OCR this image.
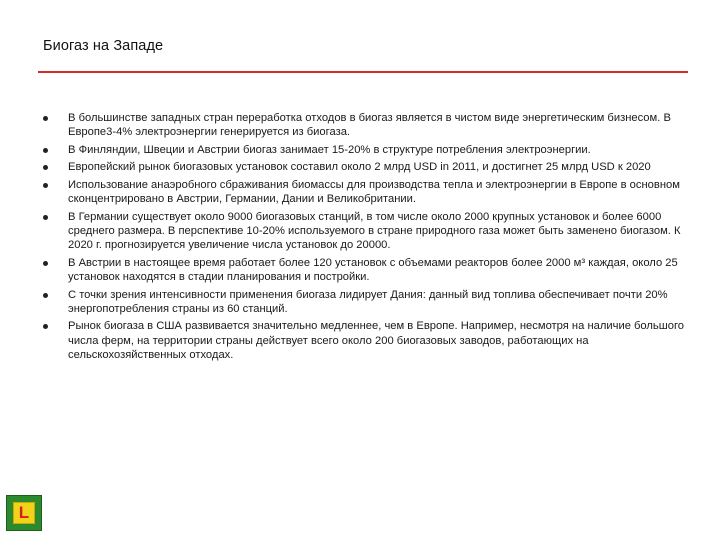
Биогаз на Западе
В большинстве западных стран переработка отходов в биогаз является в чистом виде энергетическим бизнесом. В Европе3-4% электроэнергии генерируется из биогаза.
В Финляндии, Швеции и Австрии биогаз занимает 15-20% в структуре потребления электроэнергии.
Европейский рынок биогазовых установок составил около 2 млрд USD in 2011, и достигнет 25 млрд USD к 2020
Использование анаэробного сбраживания биомассы для производства тепла и электроэнергии в Европе в основном сконцентрировано в Австрии, Германии, Дании и Великобритании.
В Германии существует около 9000 биогазовых станций, в том числе около 2000 крупных установок и более 6000 среднего размера. В перспективе 10-20% используемого в стране природного газа может быть заменено биогазом. К 2020 г. прогнозируется увеличение числа установок до 20000.
В Австрии в настоящее время работает более 120 установок с объемами реакторов более 2000 м³ каждая, около 25 установок находятся в стадии планирования и постройки.
С точки зрения интенсивности применения биогаза лидирует Дания: данный вид топлива обеспечивает почти 20% энергопотребления страны из 60 станций.
Рынок биогаза в США развивается значительно медленнее, чем в Европе. Например, несмотря на наличие большого числа ферм, на территории страны действует всего около 200 биогазовых заводов, работающих на сельскохозяйственных отходах.
L
